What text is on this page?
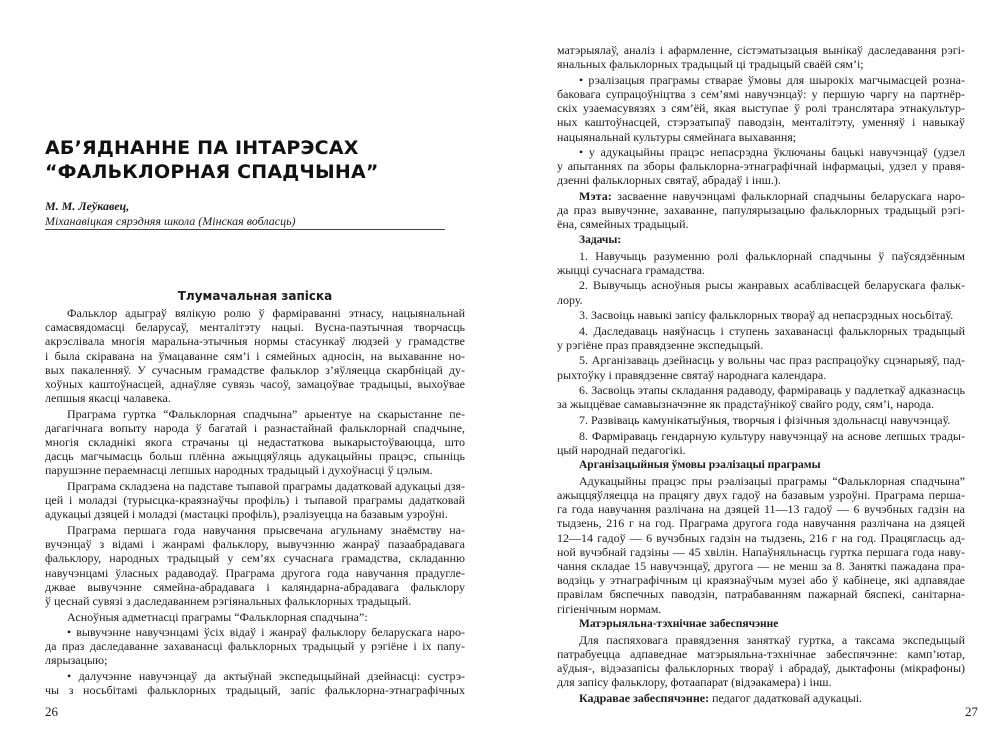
АБ’ЯДНАННЕ ПА ІНТАРЭСАХ
“ФАЛЬКЛОРНАЯ СПАДЧЫНА”
М. М. Леўкавец,
Міханавіцкая сярэдняя школа (Мінская вобласць)
Тлумачальная запіска
Фальклор адыграў вялікую ролю ў фарміраванні этнасу, нацыянальнай
самасвядомасці беларусаў, менталітэту нацыі. Вусна-паэтычная творчасць
акрэслівала многія маральна-этычныя нормы стасункаў людзей у грамадстве
і была скіравана на ўмацаванне сям’і і сямейных адносін, на выхаванне но-
вых пакаленняў. У сучасным грамадстве фальклор з’яўляецца скарбніцай ду-
хоўных каштоўнасцей, аднаўляе сувязь часоў, замацоўвае традыцыі, выхоўвае
лепшыя якасці чалавека.
Праграма гуртка “Фальклорная спадчына” арыентуе на скарыстанне пе-
дагагічнага вопыту народа ў багатай і разнастайнай фальклорнай спадчыне,
многія складнікі якога страчаны ці недастаткова выкарыстоўваюцца, што
дасць магчымасць больш плённа ажыццяўляць адукацыйны працэс, спыніць
парушэнне пераемнасці лепшых народных традыцый і духоўнасці ў цэлым.
Праграма складзена на падставе тыпавой праграмы дадатковай адукацыі дзя-
цей і моладзі (турысцка-краязнаўчы профіль) і тыпавой праграмы дадатковай
адукацыі дзяцей і моладзі (мастацкі профіль), рэалізуецца на базавым узроўні.
Праграма першага года навучання прысвечана агульнаму знаёмству на-
вучэнцаў з відамі і жанрамі фальклору, вывучэнню жанраў пазаабрадавага
фальклору, народных традыцый у сем’ях сучаснага грамадства, складанню
навучэнцамі ўласных радаводаў. Праграма другога года навучання прадугле-
джвае вывучэнне сямейна-абрадавага і каляндарна-абрадавага фальклору
ў цеснай сувязі з даследаваннем рэгіянальных фальклорных традыцый.
Асноўныя адметнасці праграмы “Фальклорная спадчына”:
• вывучэнне навучэнцамі ўсіх відаў і жанраў фальклору беларускага наро-
да праз даследаванне захаванасці фальклорных традыцый у рэгіёне і іх папу-
лярызацыю;
• далучэнне навучэнцаў да актыўнай экспедыцыйнай дзейнасці: сустрэ-
чы з носьбітамі фальклорных традыцый, запіс фальклорна-этнаграфічных
26
матэрыялаў, аналіз і афармленне, сістэматызацыя вынікаў даследавання рэгі-
янальных фальклорных традыцый ці традыцый сваёй сям’і;
• рэалізацыя праграмы стварае ўмовы для шырокіх магчымасцей розна-
баковага супрацоўніцтва з сем’ямі навучэнцаў: у першую чаргу на партнёр-
скіх узаемасувязях з сям’ёй, якая выступае ў ролі транслятара этнакультур-
ных каштоўнасцей, стэрэатыпаў паводзін, менталітэту, уменняў і навыкаў
нацыянальнай культуры сямейнага выхавання;
• у адукацыйны працэс непасрэдна ўключаны бацькі навучэнцаў (удзел
у апытаннях па зборы фальклорна-этнаграфічнай інфармацыі, удзел у правя-
дзенні фальклорных святаў, абрадаў і інш.).
Мэта: засваенне навучэнцамі фальклорнай спадчыны беларускага наро-
да праз вывучэнне, захаванне, папулярызацыю фальклорных традыцый рэгі-
ёна, сямейных традыцый.
Задачы:
1. Навучыць разуменню ролі фальклорнай спадчыны ў паўсядзённым
жыцці сучаснага грамадства.
2. Вывучыць асноўныя рысы жанравых асаблівасцей беларускага фальк-
лору.
3. Засвоіць навыкі запісу фальклорных твораў ад непасрэдных носьбітаў.
4. Даследаваць наяўнасць і ступень захаванасці фальклорных традыцый
у рэгіёне праз правядзенне экспедыцый.
5. Арганізаваць дзейнасць у вольны час праз распрацоўку сцэнарыяў, пад-
рыхтоўку і правядзенне святаў народнага календара.
6. Засвоіць этапы складання радаводу, фарміраваць у падлеткаў адказнасць
за жыццёвае самавызначэнне як прадстаўнікоў свайго роду, сям’і, народа.
7. Развіваць камунікатыўныя, творчыя і фізічныя здольнасці навучэнцаў.
8. Фарміраваць гендарную культуру навучэнцаў на аснове лепшых трады-
цый народнай педагогікі.
Арганізацыйныя ўмовы рэалізацыі праграмы
Адукацыйны працэс пры рэалізацыі праграмы “Фальклорная спадчына”
ажыццяўляецца на працягу двух гадоў на базавым узроўні. Праграма перша-
га года навучання разлічана на дзяцей 11—13 гадоў — 6 вучэбных гадзін на
тыдзень, 216 г на год. Праграма другога года навучання разлічана на дзяцей
12—14 гадоў — 6 вучэбных гадзін на тыдзень, 216 г на год. Працягласць ад-
ной вучэбнай гадзіны — 45 хвілін. Напаўняльнасць гуртка першага года наву-
чання складае 15 навучэнцаў, другога — не менш за 8. Заняткі пажадана пра-
водзіць у этнаграфічным ці краязнаўчым музеі або ў кабінеце, які адпавядае
правілам бяспечных паводзін, патрабаванням пажарнай бяспекі, санітарна-
гігіенічным нормам.
Матэрыяльна-тэхнічнае забеспячэнне
Для паспяховага правядзення заняткаў гуртка, а таксама экспедыцый
патрабуецца адпаведнае матэрыяльна-тэхнічнае забеспячэнне: камп’ютар,
аўдыя-, відэазапісы фальклорных твораў і абрадаў, дыктафоны (мікрафоны)
для запісу фальклору, фотаапарат (відэакамера) і інш.
Кадравае забеспячэнне: педагог дадатковай адукацыі.
27
